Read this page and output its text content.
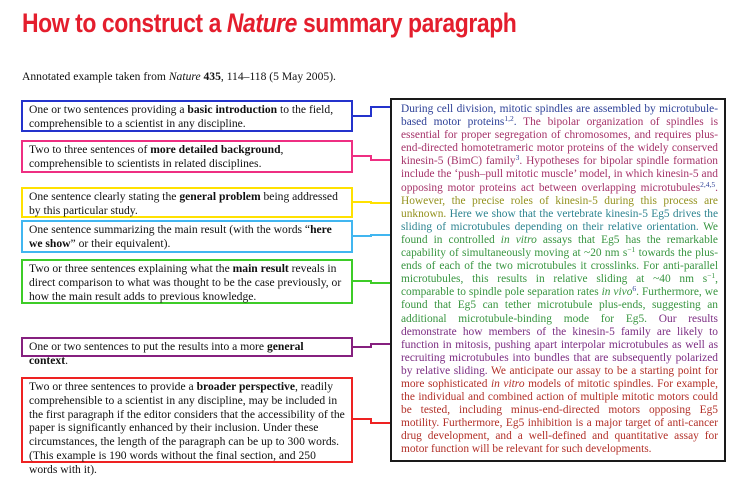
How to construct a Nature summary paragraph

Annotated example taken from Nature 435, 114–118 (5 May 2005).

One or two sentences providing a basic introduction to the field, comprehensible to a scientist in any discipline.
Two to three sentences of more detailed background, comprehensible to scientists in related disciplines.
One sentence clearly stating the general problem being addressed by this particular study.
One sentence summarizing the main result (with the words “here we show” or their equivalent).
Two or three sentences explaining what the main result reveals in direct comparison to what was thought to be the case previously, or how the main result adds to previous knowledge.
One or two sentences to put the results into a more general context.
Two or three sentences to provide a broader perspective, readily comprehensible to a scientist in any discipline, may be included in the first paragraph if the editor considers that the accessibility of the paper is significantly enhanced by their inclusion. Under these circumstances, the length of the paragraph can be up to 300 words. (This example is 190 words without the final section, and 250 words with it).

During cell division, mitotic spindles are assembled by microtubule-based motor proteins$^{1,2}$. The bipolar organization of spindles is essential for proper segregation of chromosomes, and requires plus-end-directed homotetrameric motor proteins of the widely conserved kinesin-5 (BimC) family$^3$. Hypotheses for bipolar spindle formation include the ‘push–pull mitotic muscle’ model, in which kinesin-5 and opposing motor proteins act between overlapping microtubules$^{2,4,5}$. However, the precise roles of kinesin-5 during this process are unknown. Here we show that the vertebrate kinesin-5 Eg5 drives the sliding of microtubules depending on their relative orientation. We found in controlled in vitro assays that Eg5 has the remarkable capability of simultaneously moving at ~20 nm $s^{-1}$ towards the plus-ends of each of the two microtubules it crosslinks. For anti-parallel microtubules, this results in relative sliding at ~40 nm $s^{-1}$, comparable to spindle pole separation rates in vivo$^6$. Furthermore, we found that Eg5 can tether microtubule plus-ends, suggesting an additional microtubule-binding mode for Eg5. Our results demonstrate how members of the kinesin-5 family are likely to function in mitosis, pushing apart interpolar microtubules as well as recruiting microtubules into bundles that are subsequently polarized by relative sliding. We anticipate our assay to be a starting point for more sophisticated in vitro models of mitotic spindles. For example, the individual and combined action of multiple mitotic motors could be tested, including minus-end-directed motors opposing Eg5 motility. Furthermore, Eg5 inhibition is a major target of anti-cancer drug development, and a well-defined and quantitative assay for motor function will be relevant for such developments.
